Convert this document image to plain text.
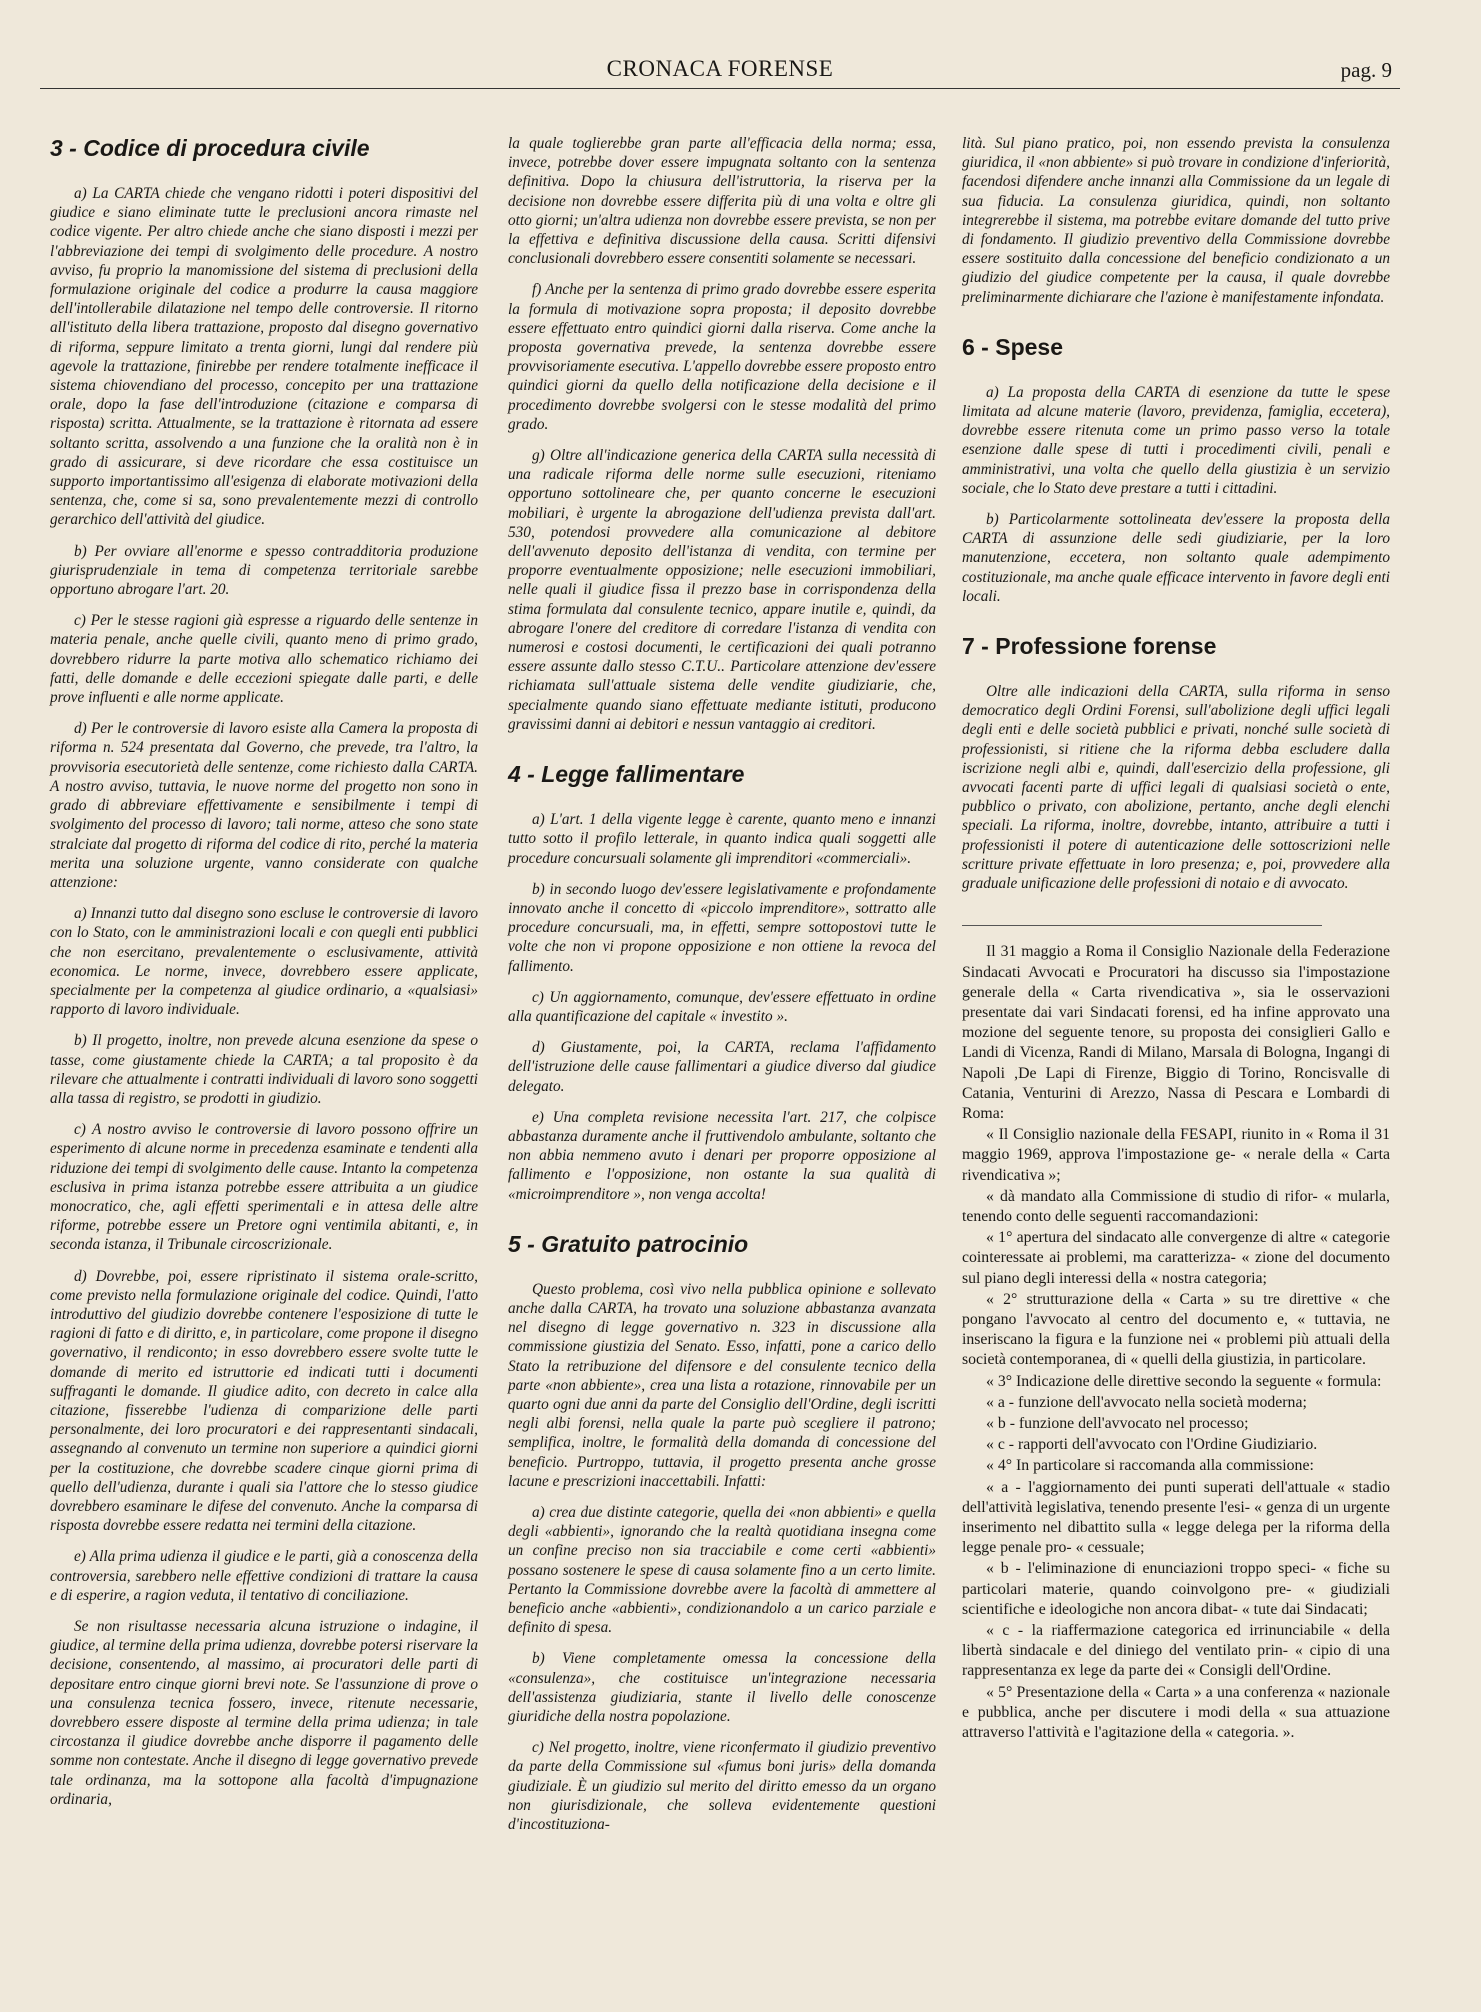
CRONACA FORENSE	pag. 9
3 - Codice di procedura civile

a) La CARTA chiede che vengano ridotti i poteri dispositivi del giudice e siano eliminate tutte le preclusioni ancora rimaste nel codice vigente. Per altro chiede anche che siano disposti i mezzi per l'abbreviazione dei tempi di svolgimento delle procedure. A nostro avviso, fu proprio la manomissione del sistema di preclusioni della formulazione originale del codice a produrre la causa maggiore dell'intollerabile dilatazione nel tempo delle controversie. Il ritorno all'istituto della libera trattazione, proposto dal disegno governativo di riforma, seppure limitato a trenta giorni, lungi dal rendere più agevole la trattazione, finirebbe per rendere totalmente inefficace il sistema chiovendiano del processo, concepito per una trattazione orale, dopo la fase dell'introduzione (citazione e comparsa di risposta) scritta. Attualmente, se la trattazione è ritornata ad essere soltanto scritta, assolvendo a una funzione che la oralità non è in grado di assicurare, si deve ricordare che essa costituisce un supporto importantissimo all'esigenza di elaborate motivazioni della sentenza, che, come si sa, sono prevalentemente mezzi di controllo gerarchico dell'attività del giudice.

b) Per ovviare all'enorme e spesso contradditoria produzione giurisprudenziale in tema di competenza territoriale sarebbe opportuno abrogare l'art. 20.

c) Per le stesse ragioni già espresse a riguardo delle sentenze in materia penale, anche quelle civili, quanto meno di primo grado, dovrebbero ridurre la parte motiva allo schematico richiamo dei fatti, delle domande e delle eccezioni spiegate dalle parti, e delle prove influenti e alle norme applicate.

d) Per le controversie di lavoro esiste alla Camera la proposta di riforma n. 524 presentata dal Governo, che prevede, tra l'altro, la provvisoria esecutorietà delle sentenze, come richiesto dalla CARTA. A nostro avviso, tuttavia, le nuove norme del progetto non sono in grado di abbreviare effettivamente e sensibilmente i tempi di svolgimento del processo di lavoro; tali norme, atteso che sono state stralciate dal progetto di riforma del codice di rito, perché la materia merita una soluzione urgente, vanno considerate con qualche attenzione:

a) Innanzi tutto dal disegno sono escluse le controversie di lavoro con lo Stato, con le amministrazioni locali e con quegli enti pubblici che non esercitano, prevalentemente o esclusivamente, attività economica. Le norme, invece, dovrebbero essere applicate, specialmente per la competenza al giudice ordinario, a «qualsiasi» rapporto di lavoro individuale.

b) Il progetto, inoltre, non prevede alcuna esenzione da spese o tasse, come giustamente chiede la CARTA; a tal proposito è da rilevare che attualmente i contratti individuali di lavoro sono soggetti alla tassa di registro, se prodotti in giudizio.

c) A nostro avviso le controversie di lavoro possono offrire un esperimento di alcune norme in precedenza esaminate e tendenti alla riduzione dei tempi di svolgimento delle cause. Intanto la competenza esclusiva in prima istanza potrebbe essere attribuita a un giudice monocratico, che, agli effetti sperimentali e in attesa delle altre riforme, potrebbe essere un Pretore ogni ventimila abitanti, e, in seconda istanza, il Tribunale circoscrizionale.

d) Dovrebbe, poi, essere ripristinato il sistema orale-scritto, come previsto nella formulazione originale del codice. Quindi, l'atto introduttivo del giudizio dovrebbe contenere l'esposizione di tutte le ragioni di fatto e di diritto, e, in particolare, come propone il disegno governativo, il rendiconto; in esso dovrebbero essere svolte tutte le domande di merito ed istruttorie ed indicati tutti i documenti suffraganti le domande. Il giudice adito, con decreto in calce alla citazione, fisserebbe l'udienza di comparizione delle parti personalmente, dei loro procuratori e dei rappresentanti sindacali, assegnando al convenuto un termine non superiore a quindici giorni per la costituzione, che dovrebbe scadere cinque giorni prima di quello dell'udienza, durante i quali sia l'attore che lo stesso giudice dovrebbero esaminare le difese del convenuto. Anche la comparsa di risposta dovrebbe essere redatta nei termini della citazione.

e) Alla prima udienza il giudice e le parti, già a conoscenza della controversia, sarebbero nelle effettive condizioni di trattare la causa e di esperire, a ragion veduta, il tentativo di conciliazione.

Se non risultasse necessaria alcuna istruzione o indagine, il giudice, al termine della prima udienza, dovrebbe potersi riservare la decisione, consentendo, al massimo, ai procuratori delle parti di depositare entro cinque giorni brevi note. Se l'assunzione di prove o una consulenza tecnica fossero, invece, ritenute necessarie, dovrebbero essere disposte al termine della prima udienza; in tale circostanza il giudice dovrebbe anche disporre il pagamento delle somme non contestate. Anche il disegno di legge governativo prevede tale ordinanza, ma la sottopone alla facoltà d'impugnazione ordinaria,

la quale toglierebbe gran parte all'efficacia della norma; essa, invece, potrebbe dover essere impugnata soltanto con la sentenza definitiva. Dopo la chiusura dell'istruttoria, la riserva per la decisione non dovrebbe essere differita più di una volta e oltre gli otto giorni; un'altra udienza non dovrebbe essere prevista, se non per la effettiva e definitiva discussione della causa. Scritti difensivi conclusionali dovrebbero essere consentiti solamente se necessari.

f) Anche per la sentenza di primo grado dovrebbe essere esperita la formula di motivazione sopra proposta; il deposito dovrebbe essere effettuato entro quindici giorni dalla riserva. Come anche la proposta governativa prevede, la sentenza dovrebbe essere provvisoriamente esecutiva. L'appello dovrebbe essere proposto entro quindici giorni da quello della notificazione della decisione e il procedimento dovrebbe svolgersi con le stesse modalità del primo grado.

g) Oltre all'indicazione generica della CARTA sulla necessità di una radicale riforma delle norme sulle esecuzioni, riteniamo opportuno sottolineare che, per quanto concerne le esecuzioni mobiliari, è urgente la abrogazione dell'udienza prevista dall'art. 530, potendosi provvedere alla comunicazione al debitore dell'avvenuto deposito dell'istanza di vendita, con termine per proporre eventualmente opposizione; nelle esecuzioni immobiliari, nelle quali il giudice fissa il prezzo base in corrispondenza della stima formulata dal consulente tecnico, appare inutile e, quindi, da abrogare l'onere del creditore di corredare l'istanza di vendita con numerosi e costosi documenti, le certificazioni dei quali potranno essere assunte dallo stesso C.T.U.. Particolare attenzione dev'essere richiamata sull'attuale sistema delle vendite giudiziarie, che, specialmente quando siano effettuate mediante istituti, producono gravissimi danni ai debitori e nessun vantaggio ai creditori.

4 - Legge fallimentare

a) L'art. 1 della vigente legge è carente, quanto meno e innanzi tutto sotto il profilo letterale, in quanto indica quali soggetti alle procedure concursuali solamente gli imprenditori «commerciali».

b) in secondo luogo dev'essere legislativamente e profondamente innovato anche il concetto di «piccolo imprenditore», sottratto alle procedure concursuali, ma, in effetti, sempre sottopostovi tutte le volte che non vi propone opposizione e non ottiene la revoca del fallimento.

c) Un aggiornamento, comunque, dev'essere effettuato in ordine alla quantificazione del capitale « investito ».

d) Giustamente, poi, la CARTA, reclama l'affidamento dell'istruzione delle cause fallimentari a giudice diverso dal giudice delegato.

e) Una completa revisione necessita l'art. 217, che colpisce abbastanza duramente anche il fruttivendolo ambulante, soltanto che non abbia nemmeno avuto i denari per proporre opposizione al fallimento e l'opposizione, non ostante la sua qualità di «microimprenditore », non venga accolta!

5 - Gratuito patrocinio

Questo problema, così vivo nella pubblica opinione e sollevato anche dalla CARTA, ha trovato una soluzione abbastanza avanzata nel disegno di legge governativo n. 323 in discussione alla commissione giustizia del Senato. Esso, infatti, pone a carico dello Stato la retribuzione del difensore e del consulente tecnico della parte «non abbiente», crea una lista a rotazione, rinnovabile per un quarto ogni due anni da parte del Consiglio dell'Ordine, degli iscritti negli albi forensi, nella quale la parte può scegliere il patrono; semplifica, inoltre, le formalità della domanda di concessione del beneficio. Purtroppo, tuttavia, il progetto presenta anche grosse lacune e prescrizioni inaccettabili. Infatti:

a) crea due distinte categorie, quella dei «non abbienti» e quella degli «abbienti», ignorando che la realtà quotidiana insegna come un confine preciso non sia tracciabile e come certi «abbienti» possano sostenere le spese di causa solamente fino a un certo limite. Pertanto la Commissione dovrebbe avere la facoltà di ammettere al beneficio anche «abbienti», condizionandolo a un carico parziale e definito di spesa.

b) Viene completamente omessa la concessione della «consulenza», che costituisce un'integrazione necessaria dell'assistenza giudiziaria, stante il livello delle conoscenze giuridiche della nostra popolazione.

c) Nel progetto, inoltre, viene riconfermato il giudizio preventivo da parte della Commissione sul «fumus boni juris» della domanda giudiziale. È un giudizio sul merito del diritto emesso da un organo non giurisdizionale, che solleva evidentemente questioni d'incostituziona-

lità. Sul piano pratico, poi, non essendo prevista la consulenza giuridica, il «non abbiente» si può trovare in condizione d'inferiorità, facendosi difendere anche innanzi alla Commissione da un legale di sua fiducia. La consulenza giuridica, quindi, non soltanto integrerebbe il sistema, ma potrebbe evitare domande del tutto prive di fondamento. Il giudizio preventivo della Commissione dovrebbe essere sostituito dalla concessione del beneficio condizionato a un giudizio del giudice competente per la causa, il quale dovrebbe preliminarmente dichiarare che l'azione è manifestamente infondata.

6 - Spese

a) La proposta della CARTA di esenzione da tutte le spese limitata ad alcune materie (lavoro, previdenza, famiglia, eccetera), dovrebbe essere ritenuta come un primo passo verso la totale esenzione dalle spese di tutti i procedimenti civili, penali e amministrativi, una volta che quello della giustizia è un servizio sociale, che lo Stato deve prestare a tutti i cittadini.

b) Particolarmente sottolineata dev'essere la proposta della CARTA di assunzione delle sedi giudiziarie, per la loro manutenzione, eccetera, non soltanto quale adempimento costituzionale, ma anche quale efficace intervento in favore degli enti locali.

7 - Professione forense

Oltre alle indicazioni della CARTA, sulla riforma in senso democratico degli Ordini Forensi, sull'abolizione degli uffici legali degli enti e delle società pubblici e privati, nonché sulle società di professionisti, si ritiene che la riforma debba escludere dalla iscrizione negli albi e, quindi, dall'esercizio della professione, gli avvocati facenti parte di uffici legali di qualsiasi società o ente, pubblico o privato, con abolizione, pertanto, anche degli elenchi speciali. La riforma, inoltre, dovrebbe, intanto, attribuire a tutti i professionisti il potere di autenticazione delle sottoscrizioni nelle scritture private effettuate in loro presenza; e, poi, provvedere alla graduale unificazione delle professioni di notaio e di avvocato.

Il 31 maggio a Roma il Consiglio Nazionale della Federazione Sindacati Avvocati e Procuratori ha discusso sia l'impostazione generale della « Carta rivendicativa », sia le osservazioni presentate dai vari Sindacati forensi, ed ha infine approvato una mozione del seguente tenore, su proposta dei consiglieri Gallo e Landi di Vicenza, Randi di Milano, Marsala di Bologna, Ingangi di Napoli ,De Lapi di Firenze, Biggio di Torino, Roncisvalle di Catania, Venturini di Arezzo, Nassa di Pescara e Lombardi di Roma:

« Il Consiglio nazionale della FESAPI, riunito in « Roma il 31 maggio 1969, approva l'impostazione ge- « nerale della « Carta rivendicativa »;

« dà mandato alla Commissione di studio di rifor- « mularla, tenendo conto delle seguenti raccomandazioni:

« 1° apertura del sindacato alle convergenze di altre « categorie cointeressate ai problemi, ma caratterizza- « zione del documento sul piano degli interessi della « nostra categoria;

« 2° strutturazione della « Carta » su tre direttive « che pongano l'avvocato al centro del documento e, « tuttavia, ne inseriscano la figura e la funzione nei « problemi più attuali della società contemporanea, di « quelli della giustizia, in particolare.

« 3° Indicazione delle direttive secondo la seguente « formula:

« a - funzione dell'avvocato nella società moderna;

« b - funzione dell'avvocato nel processo;

« c - rapporti dell'avvocato con l'Ordine Giudiziario.

« 4° In particolare si raccomanda alla commissione:

« a - l'aggiornamento dei punti superati dell'attuale « stadio dell'attività legislativa, tenendo presente l'esi- « genza di un urgente inserimento nel dibattito sulla « legge delega per la riforma della legge penale pro- « cessuale;

« b - l'eliminazione di enunciazioni troppo speci- « fiche su particolari materie, quando coinvolgono pre- « giudiziali scientifiche e ideologiche non ancora dibat- « tute dai Sindacati;

« c - la riaffermazione categorica ed irrinunciabile « della libertà sindacale e del diniego del ventilato prin- « cipio di una rappresentanza ex lege da parte dei « Consigli dell'Ordine.

« 5° Presentazione della « Carta » a una conferenza « nazionale e pubblica, anche per discutere i modi della « sua attuazione attraverso l'attività e l'agitazione della « categoria. ».
